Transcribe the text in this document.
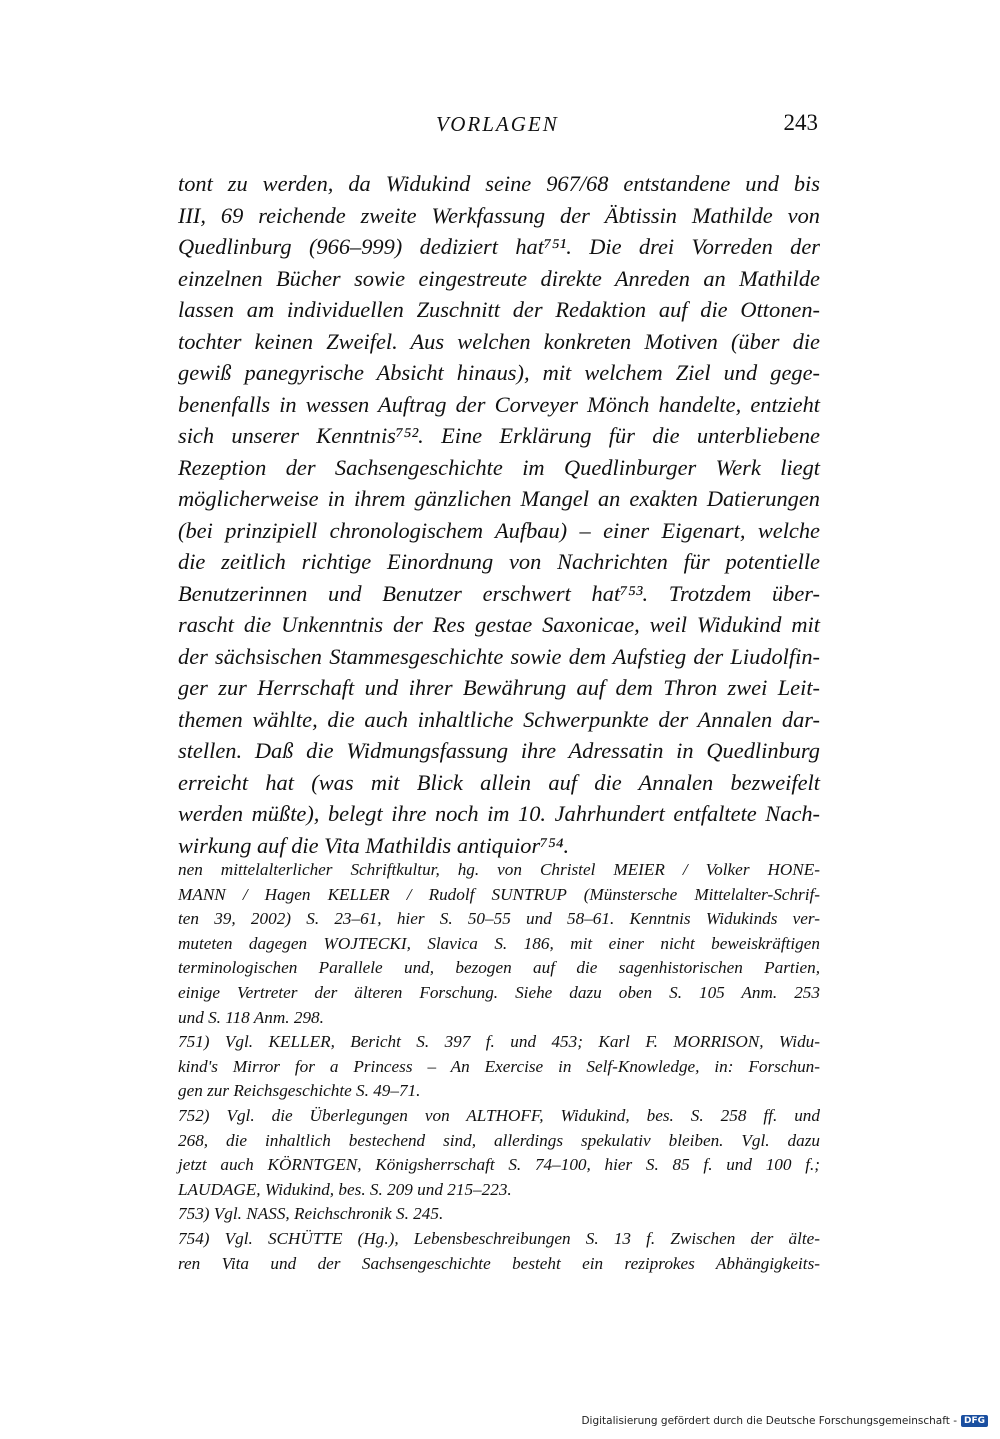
VORLAGEN	243
tont zu werden, da Widukind seine 967/68 entstandene und bis
III, 69 reichende zweite Werkfassung der Äbtissin Mathilde von
Quedlinburg (966–999) dediziert hat⁷⁵¹. Die drei Vorreden der
einzelnen Bücher sowie eingestreute direkte Anreden an Mathilde
lassen am individuellen Zuschnitt der Redaktion auf die Ottonen-
tochter keinen Zweifel. Aus welchen konkreten Motiven (über die
gewiß panegyrische Absicht hinaus), mit welchem Ziel und gege-
benenfalls in wessen Auftrag der Corveyer Mönch handelte, entzieht
sich unserer Kenntnis⁷⁵². Eine Erklärung für die unterbliebene
Rezeption der Sachsengeschichte im Quedlinburger Werk liegt
möglicherweise in ihrem gänzlichen Mangel an exakten Datierungen
(bei prinzipiell chronologischem Aufbau) – einer Eigenart, welche
die zeitlich richtige Einordnung von Nachrichten für potentielle
Benutzerinnen und Benutzer erschwert hat⁷⁵³. Trotzdem über-
rascht die Unkenntnis der Res gestae Saxonicae, weil Widukind mit
der sächsischen Stammesgeschichte sowie dem Aufstieg der Liudolfin-
ger zur Herrschaft und ihrer Bewährung auf dem Thron zwei Leit-
themen wählte, die auch inhaltliche Schwerpunkte der Annalen dar-
stellen. Daß die Widmungsfassung ihre Adressatin in Quedlinburg
erreicht hat (was mit Blick allein auf die Annalen bezweifelt
werden müßte), belegt ihre noch im 10. Jahrhundert entfaltete Nach-
wirkung auf die Vita Mathildis antiquior⁷⁵⁴.
nen mittelalterlicher Schriftkultur, hg. von Christel MEIER / Volker HONE-
MANN / Hagen KELLER / Rudolf SUNTRUP (Münstersche Mittelalter-Schrif-
ten 39, 2002) S. 23–61, hier S. 50–55 und 58–61. Kenntnis Widukinds ver-
muteten dagegen WOJTECKI, Slavica S. 186, mit einer nicht beweiskräftigen
terminologischen Parallele und, bezogen auf die sagenhistorischen Partien,
einige Vertreter der älteren Forschung. Siehe dazu oben S. 105 Anm. 253
und S. 118 Anm. 298.
751) Vgl. KELLER, Bericht S. 397 f. und 453; Karl F. MORRISON, Widu-
kind's Mirror for a Princess – An Exercise in Self-Knowledge, in: Forschun-
gen zur Reichsgeschichte S. 49–71.
752) Vgl. die Überlegungen von ALTHOFF, Widukind, bes. S. 258 ff. und
268, die inhaltlich bestechend sind, allerdings spekulativ bleiben. Vgl. dazu
jetzt auch KÖRNTGEN, Königsherrschaft S. 74–100, hier S. 85 f. und 100 f.;
LAUDAGE, Widukind, bes. S. 209 und 215–223.
753) Vgl. NASS, Reichschronik S. 245.
754) Vgl. SCHÜTTE (Hg.), Lebensbeschreibungen S. 13 f. Zwischen der älte-
ren Vita und der Sachsengeschichte besteht ein reziprokes Abhängigkeits-
Digitalisierung gefördert durch die Deutsche Forschungsgemeinschaft - DFG
